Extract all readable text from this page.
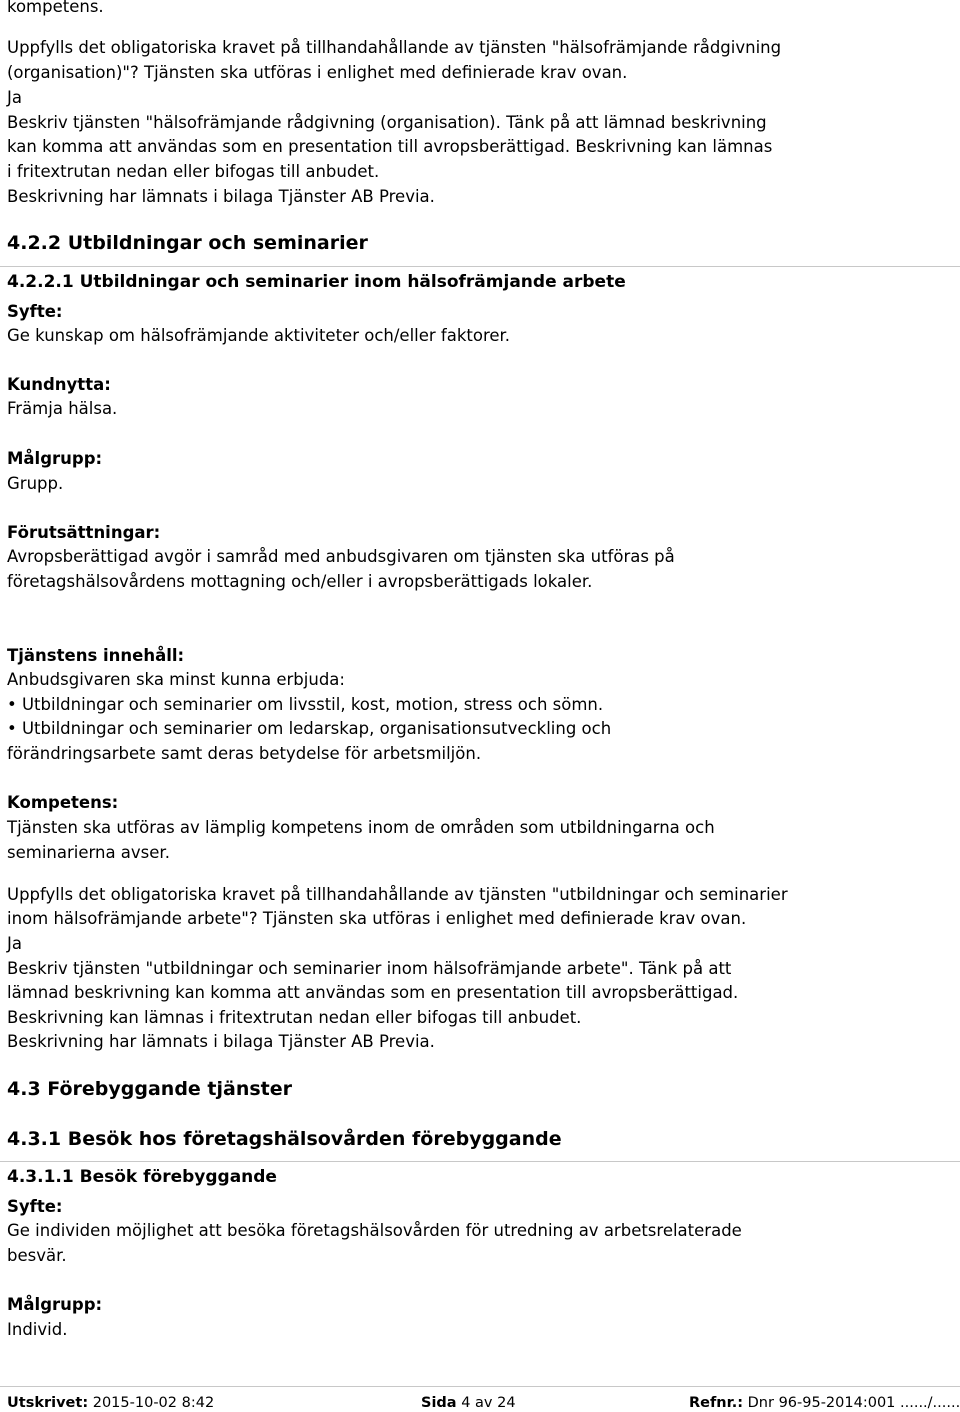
kompetens.
Uppfylls det obligatoriska kravet på tillhandahållande av tjänsten "hälsofrämjande rådgivning
(organisation)"? Tjänsten ska utföras i enlighet med definierade krav ovan.
Ja
Beskriv tjänsten "hälsofrämjande rådgivning (organisation). Tänk på att lämnad beskrivning
kan komma att användas som en presentation till avropsberättigad. Beskrivning kan lämnas
i fritextrutan nedan eller bifogas till anbudet.
Beskrivning har lämnats i bilaga Tjänster AB Previa.
4.2.2 Utbildningar och seminarier
4.2.2.1 Utbildningar och seminarier inom hälsofrämjande arbete
Syfte:
Ge kunskap om hälsofrämjande aktiviteter och/eller faktorer.
Kundnytta:
Främja hälsa.
Målgrupp:
Grupp.
Förutsättningar:
Avropsberättigad avgör i samråd med anbudsgivaren om tjänsten ska utföras på
företagshälsovårdens mottagning och/eller i avropsberättigads lokaler.
Tjänstens innehåll:
Anbudsgivaren ska minst kunna erbjuda:
• Utbildningar och seminarier om livsstil, kost, motion, stress och sömn.
• Utbildningar och seminarier om ledarskap, organisationsutveckling och
förändringsarbete samt deras betydelse för arbetsmiljön.
Kompetens:
Tjänsten ska utföras av lämplig kompetens inom de områden som utbildningarna och
seminarierna avser.
Uppfylls det obligatoriska kravet på tillhandahållande av tjänsten "utbildningar och seminarier
inom hälsofrämjande arbete"? Tjänsten ska utföras i enlighet med definierade krav ovan.
Ja
Beskriv tjänsten "utbildningar och seminarier inom hälsofrämjande arbete". Tänk på att
lämnad beskrivning kan komma att användas som en presentation till avropsberättigad.
Beskrivning kan lämnas i fritextrutan nedan eller bifogas till anbudet.
Beskrivning har lämnats i bilaga Tjänster AB Previa.
4.3 Förebyggande tjänster
4.3.1 Besök hos företagshälsovården förebyggande
4.3.1.1 Besök förebyggande
Syfte:
Ge individen möjlighet att besöka företagshälsovården för utredning av arbetsrelaterade
besvär.
Målgrupp:
Individ.
Utskrivet: 2015-10-02 8:42	Sida 4 av 24	Refnr.: Dnr 96-95-2014:001 ....../......
